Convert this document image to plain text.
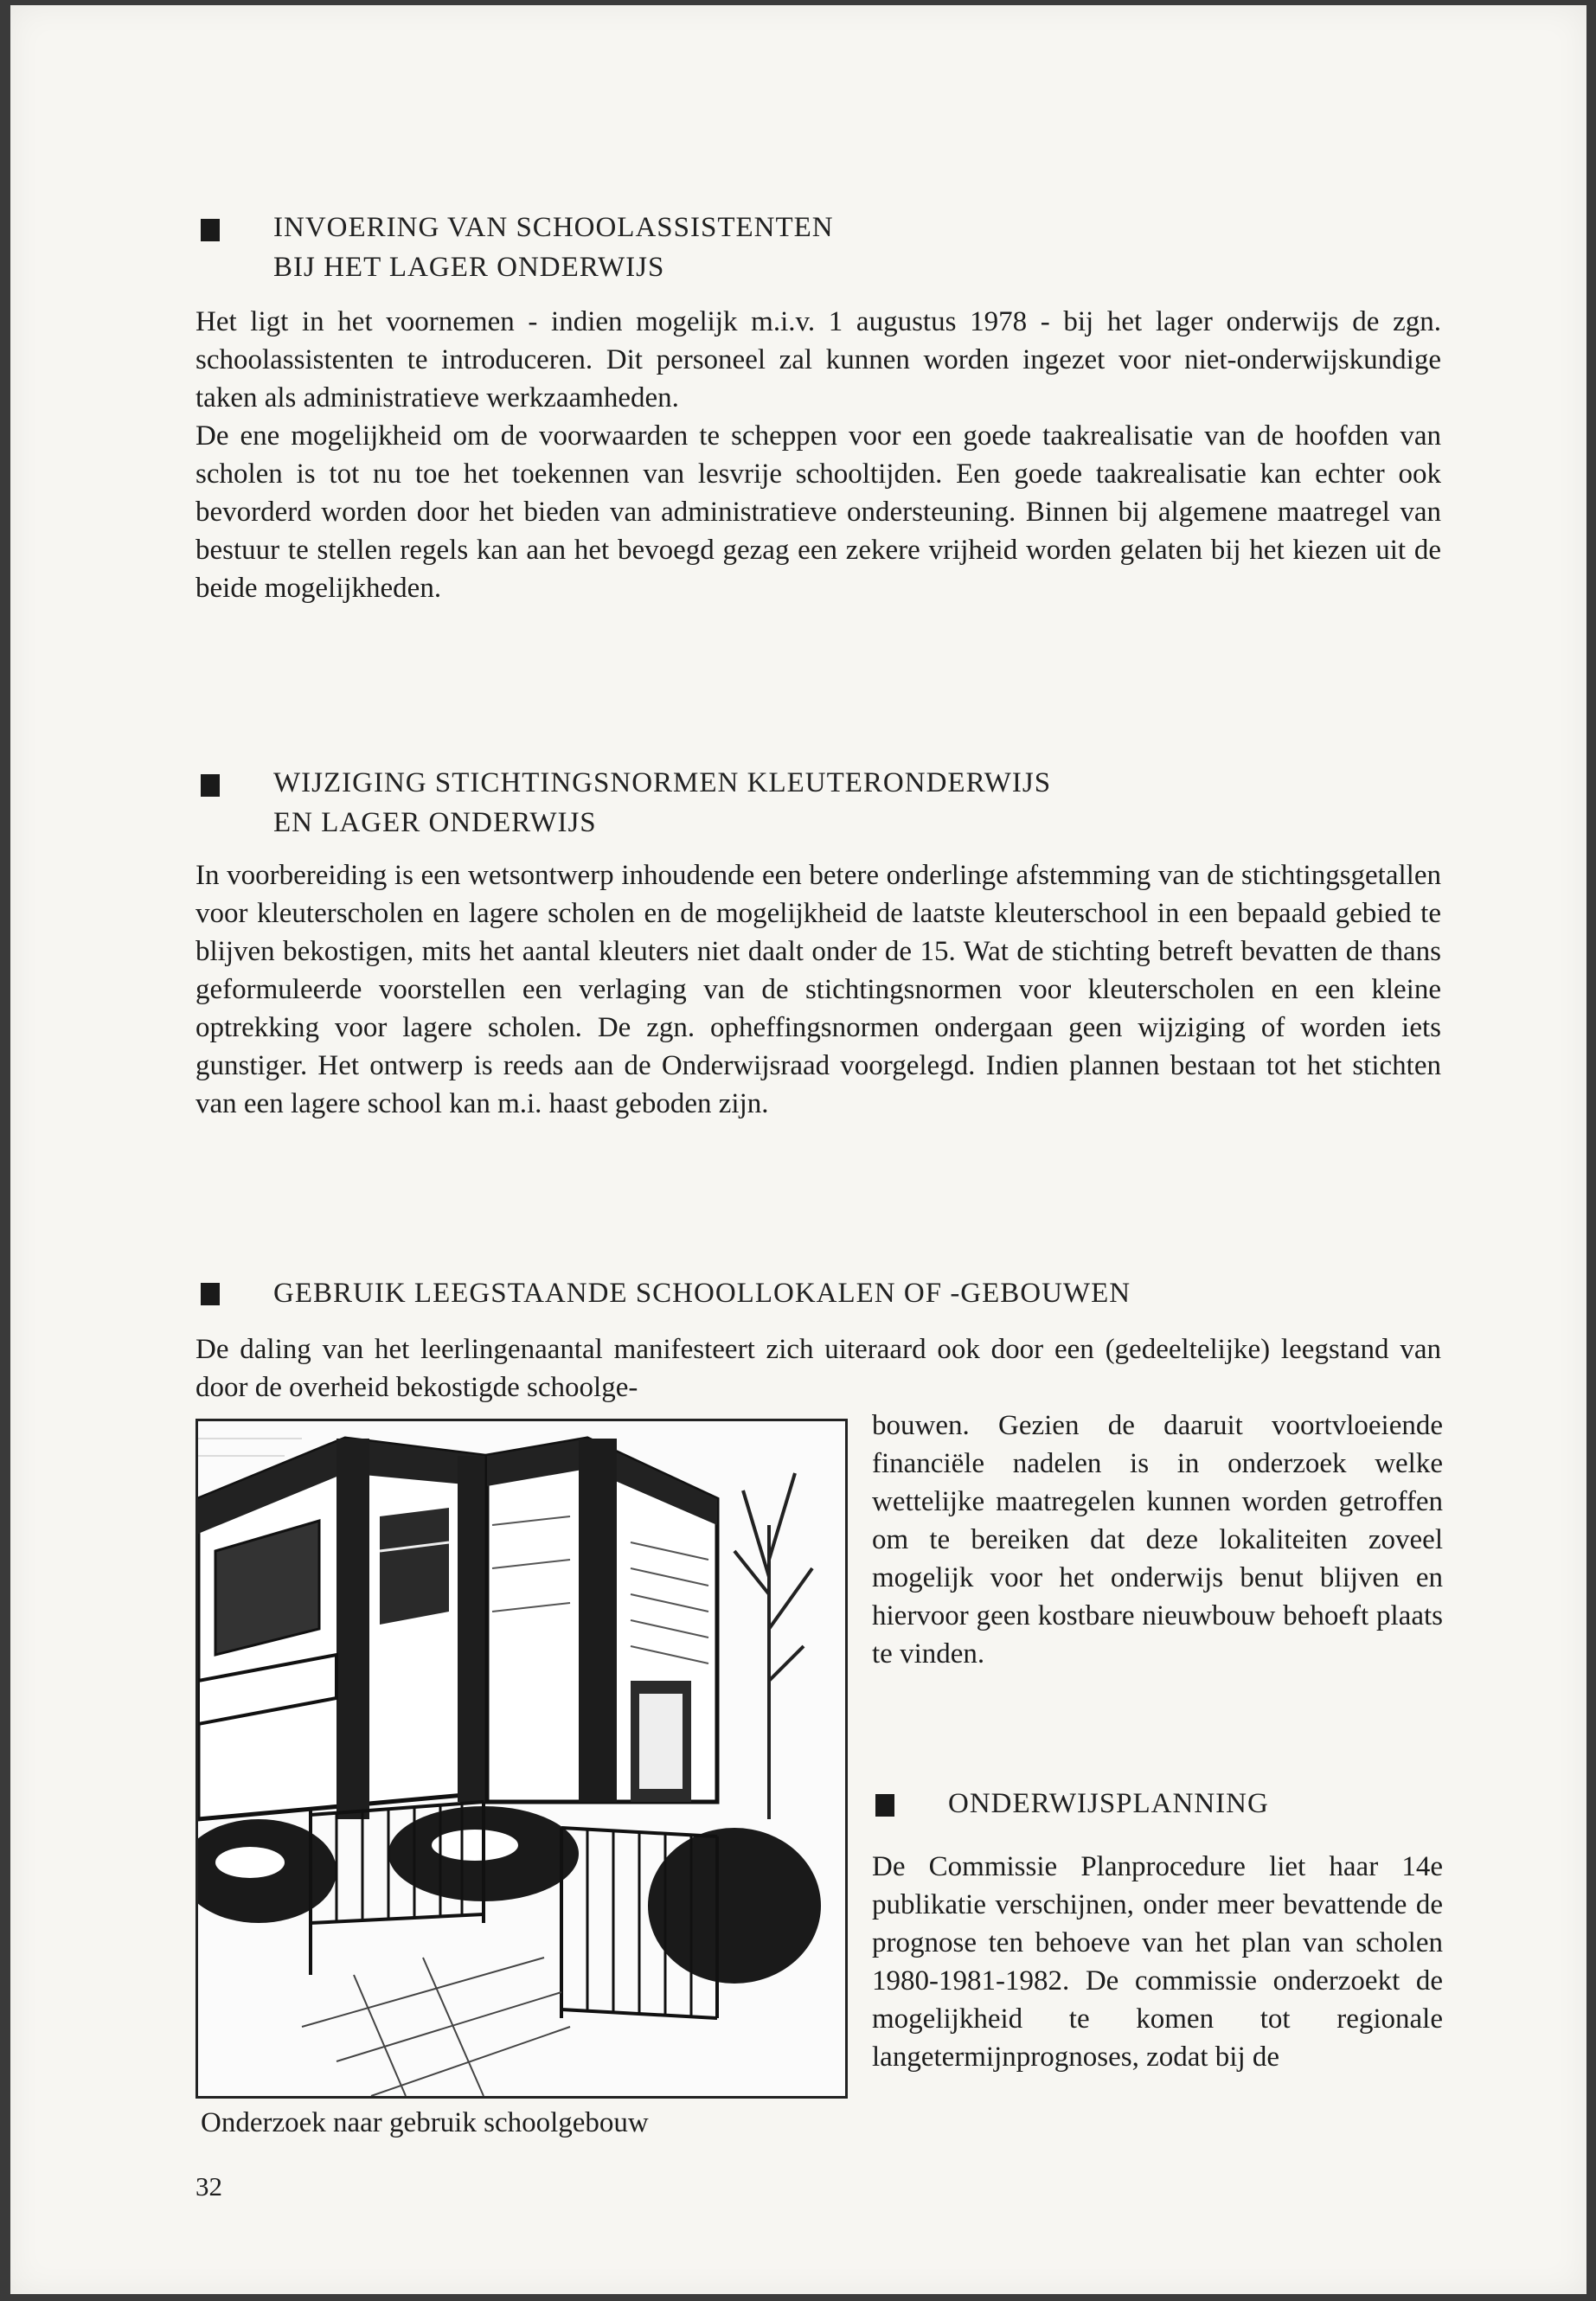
INVOERING VAN SCHOOLASSISTENTEN
BIJ HET LAGER ONDERWIJS

Het ligt in het voornemen - indien mogelijk m.i.v. 1 augustus 1978 - bij het lager onderwijs de zgn. schoolassistenten te introduceren. Dit personeel zal kunnen worden ingezet voor niet-onderwijskundige taken als administratieve werkzaamheden.

De ene mogelijkheid om de voorwaarden te scheppen voor een goede taakrealisatie van de hoofden van scholen is tot nu toe het toekennen van lesvrije schooltijden. Een goede taakrealisatie kan echter ook bevorderd worden door het bieden van administratieve ondersteuning. Binnen bij algemene maatregel van bestuur te stellen regels kan aan het bevoegd gezag een zekere vrijheid worden gelaten bij het kiezen uit de beide mogelijkheden.

WIJZIGING STICHTINGSNORMEN KLEUTERONDERWIJS
EN LAGER ONDERWIJS

In voorbereiding is een wetsontwerp inhoudende een betere onderlinge afstemming van de stichtingsgetallen voor kleuterscholen en lagere scholen en de mogelijkheid de laatste kleuterschool in een bepaald gebied te blijven bekostigen, mits het aantal kleuters niet daalt onder de 15. Wat de stichting betreft bevatten de thans geformuleerde voorstellen een verlaging van de stichtingsnormen voor kleuterscholen en een kleine optrekking voor lagere scholen. De zgn. opheffingsnormen ondergaan geen wijziging of worden iets gunstiger. Het ontwerp is reeds aan de Onderwijsraad voorgelegd. Indien plannen bestaan tot het stichten van een lagere school kan m.i. haast geboden zijn.

GEBRUIK LEEGSTAANDE SCHOOLLOKALEN OF -GEBOUWEN

De daling van het leerlingenaantal manifesteert zich uiteraard ook door een (gedeeltelijke) leegstand van door de overheid bekostigde schoolge-

bouwen. Gezien de daaruit voortvloeiende financiële nadelen is in onderzoek welke wettelijke maatregelen kunnen worden getroffen om te bereiken dat deze lokaliteiten zoveel mogelijk voor het onderwijs benut blijven en hiervoor geen kostbare nieuwbouw behoeft plaats te vinden.

Onderzoek naar gebruik schoolgebouw
ONDERWIJSPLANNING

De Commissie Planprocedure liet haar 14e publikatie verschijnen, onder meer bevattende de prognose ten behoeve van het plan van scholen 1980-1981-1982. De commissie onderzoekt de mogelijkheid te komen tot regionale langetermijnprognoses, zodat bij de

32
